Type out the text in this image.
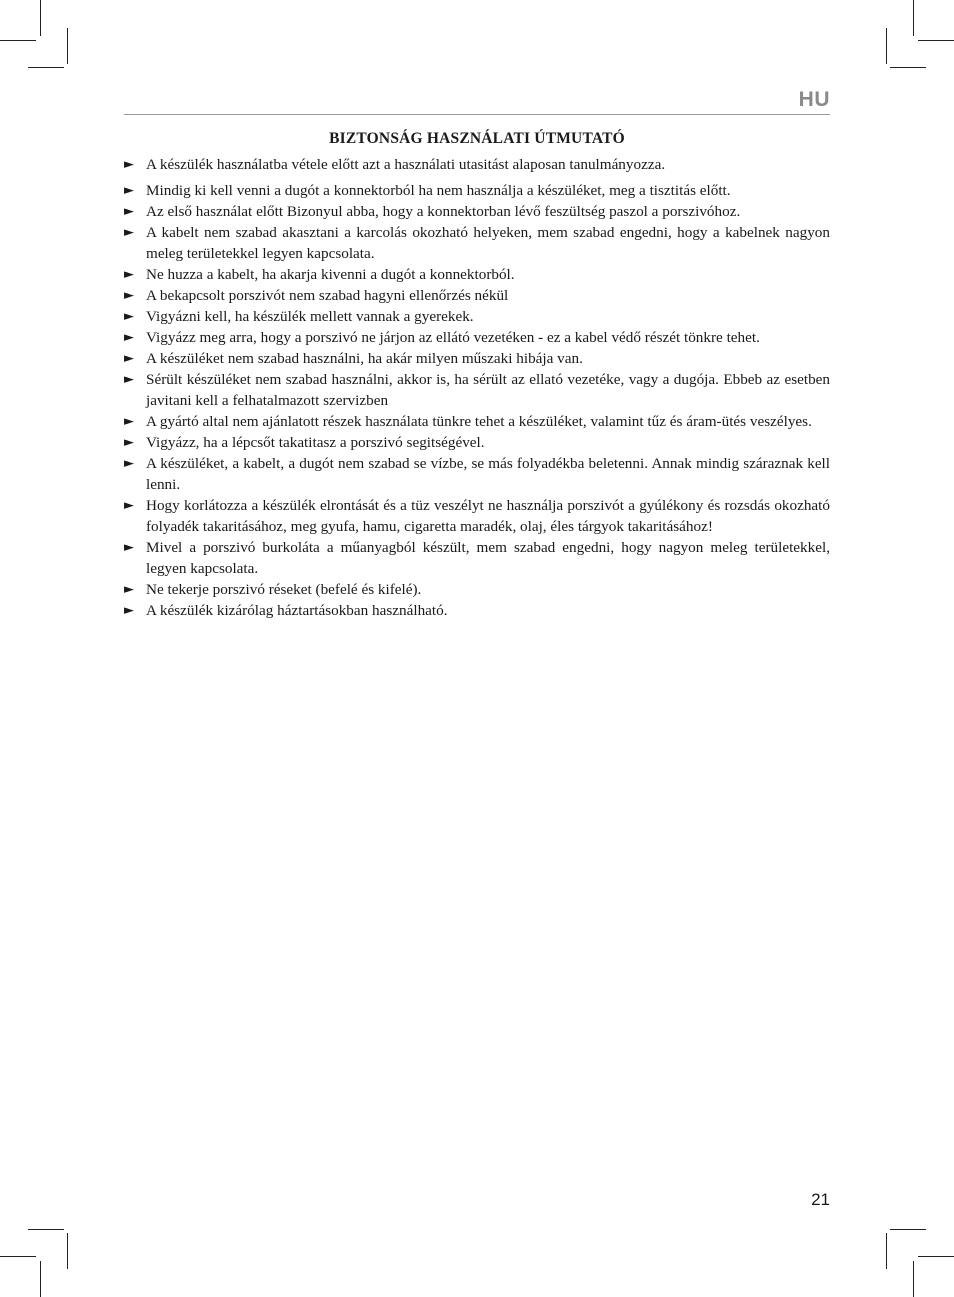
HU
BIZTONSÁG HASZNÁLATI ÚTMUTATÓ
► A készülék használatba vétele előtt azt a használati utasitást alaposan tanulmányozza.
► Mindig ki kell venni a dugót a konnektorból ha nem használja a készüléket, meg a tisztitás előtt.
► Az első használat előtt Bizonyul abba, hogy a konnektorban lévő feszültség paszol a porszivóhoz.
► A kabelt nem szabad akasztani a karcolás okozható helyeken, mem szabad engedni, hogy a kabelnek nagyon meleg területekkel legyen kapcsolata.
► Ne huzza a kabelt, ha akarja kivenni a dugót a konnektorból.
► A bekapcsolt porszivót nem szabad hagyni ellenőrzés nékül
► Vigyázni kell, ha készülék mellett vannak a gyerekek.
► Vigyázz meg arra, hogy a porszivó ne járjon az ellátó vezetéken - ez a kabel védő részét tönkre tehet.
► A készüléket nem szabad használni, ha akár milyen műszaki hibája van.
► Sérült készüléket nem szabad használni, akkor is, ha sérült az ellató vezetéke, vagy a dugója. Ebbeb az esetben javitani kell a felhatalmazott szervizben
► A gyártó altal nem ajánlatott részek használata tünkre tehet a készüléket, valamint tűz és áram-ütés veszélyes.
► Vigyázz, ha a lépcsőt takatitasz a porszivó segitségével.
► A készüléket, a kabelt, a dugót nem szabad se vízbe, se más folyadékba beletenni. Annak mindig száraznak kell lenni.
► Hogy korlátozza a készülék elrontását és a tüz veszélyt ne használja porszivót a gyúlékony és rozsdás okozható folyadék takaritásához, meg gyufa, hamu, cigaretta maradék, olaj, éles tárgyok takaritásához!
► Mivel a porszivó burkoláta a műanyagból készült, mem szabad engedni, hogy nagyon meleg területekkel, legyen kapcsolata.
► Ne tekerje porszivó réseket (befelé és kifelé).
► A készülék kizárólag háztartásokban használható.
21
